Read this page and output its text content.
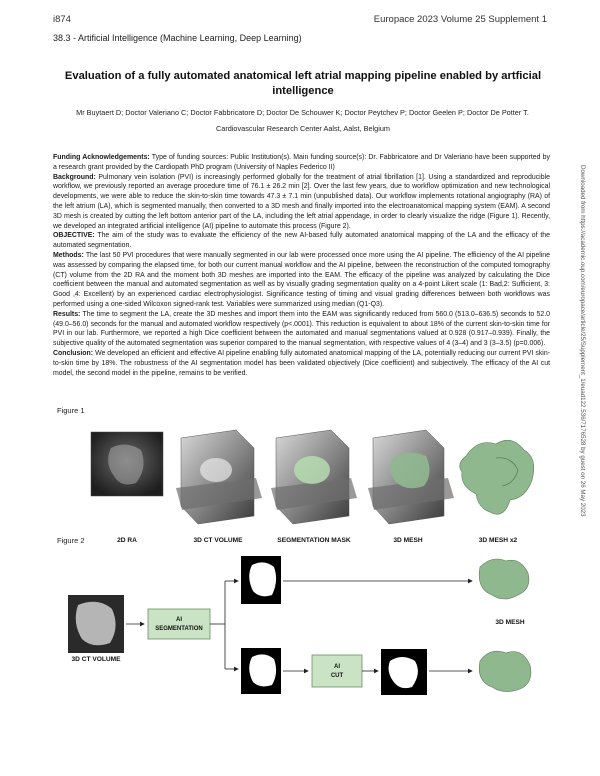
i874	Europace 2023 Volume 25 Supplement 1
38.3 - Artificial Intelligence (Machine Learning, Deep Learning)
Evaluation of a fully automated anatomical left atrial mapping pipeline enabled by artficial intelligence
Mr Buytaert D; Doctor Valeriano C; Doctor Fabbricatore D; Doctor De Schouwer K; Doctor Peytchev P; Doctor Geelen P; Doctor De Potter T.
Cardiovascular Research Center Aalst, Aalst, Belgium

Funding Acknowledgements: Type of funding sources: Public Institution(s). Main funding source(s): Dr. Fabbricatore and Dr Valeriano have been supported by a research grant provided by the Cardiopath PhD program (University of Naples Federico II)

Background: Pulmonary vein isolation (PVI) is increasingly performed globally for the treatment of atrial fibrillation [1]. Using a standardized and reproducible workflow, we previously reported an average procedure time of 76.1 ± 26.2 min [2]. Over the last few years, due to workflow optimization and new technological developments, we were able to reduce the skin-to-skin time towards 47.3 ± 7.1 min (unpublished data). Our workflow implements rotational angiography (RA) of the left atrium (LA), which is segmented manually, then converted to a 3D mesh and finally imported into the electroanatomical mapping system (EAM). A second 3D mesh is created by cutting the left bottom anterior part of the LA, including the left atrial appendage, in order to clearly visualize the ridge (Figure 1). Recently, we developed an integrated artificial intelligence (AI) pipeline to automate this process (Figure 2).

OBJECTIVE: The aim of the study was to evaluate the efficiency of the new AI-based fully automated anatomical mapping of the LA and the efficacy of the automated segmentation.

Methods: The last 50 PVI procedures that were manually segmented in our lab were processed once more using the AI pipeline. The efficiency of the AI pipeline was assessed by comparing the elapsed time, for both our current manual workflow and the AI pipeline, between the reconstruction of the computed tomography (CT) volume from the 2D RA and the moment both 3D meshes are imported into the EAM. The efficacy of the pipeline was analyzed by calculating the Dice coefficient between the manual and automated segmentation as well as by visually grading segmentation quality on a 4-point Likert scale (1: Bad,2: Sufficient, 3: Good ,4: Excellent) by an experienced cardiac electrophysiologist. Significance testing of timing and visual grading differences between both workflows was performed using a one-sided Wilcoxon signed-rank test. Variables were summarized using median (Q1-Q3).

Results: The time to segment the LA, create the 3D meshes and import them into the EAM was significantly reduced from 560.0 (513.0–636.5) seconds to 52.0 (49.0–56.0) seconds for the manual and automated workflow respectively (p<.0001). This reduction is equivalent to about 18% of the current skin-to-skin time for PVI in our lab. Furthermore, we reported a high Dice coefficient between the automated and manual segmentations valued at 0.928 (0.917–0.939). Finally, the subjective quality of the automated segmentation was superior compared to the manual segmentation, with respective values of 4 (3–4) and 3 (3–3.5) (p=0.006).

Conclusion: We developed an efficient and effective AI pipeline enabling fully automated anatomical mapping of the LA, potentially reducing our current PVI skin-to-skin time by 18%. The robustness of the AI segmentation model has been validated objectively (Dice coefficient) and subjectively. The efficacy of the AI cut model, the second model in the pipeline, remains to be verified.

Figure 1
2D RA	3D CT VOLUME	SEGMENTATION MASK	3D MESH	3D MESH x2
Figure 2
3D CT VOLUME
AI
SEGMENTATION
AI
CUT
3D MESH
Downloaded from https://academic.oup.com/europace/article/25/Supplement_1/euad122.536/7176528 by guest on 26 May 2023
